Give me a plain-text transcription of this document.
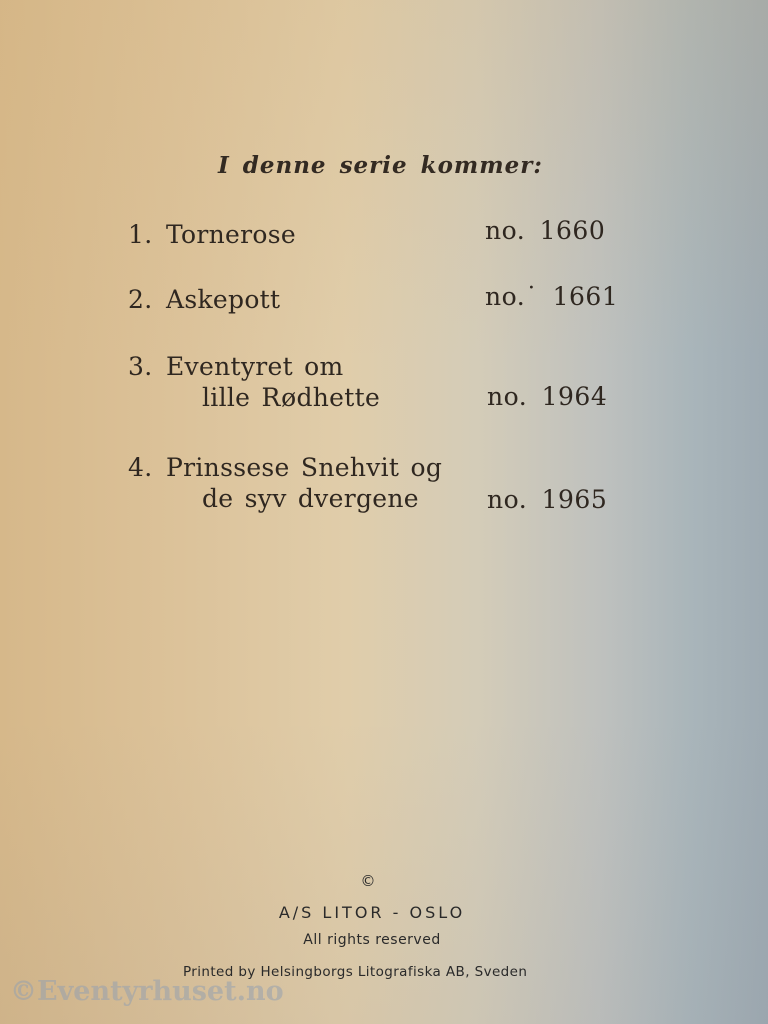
I denne serie kommer:
1. Tornerose	no. 1660
2. Askepott	no.˙ 1661
3. Eventyret om
lille Rødhette	no. 1964
4. Prinssese Snehvit og
de syv dvergene	no. 1965
©
A/S LITOR - OSLO
All rights reserved
Printed by Helsingborgs Litografiska AB, Sveden
©Eventyrhuset.no
